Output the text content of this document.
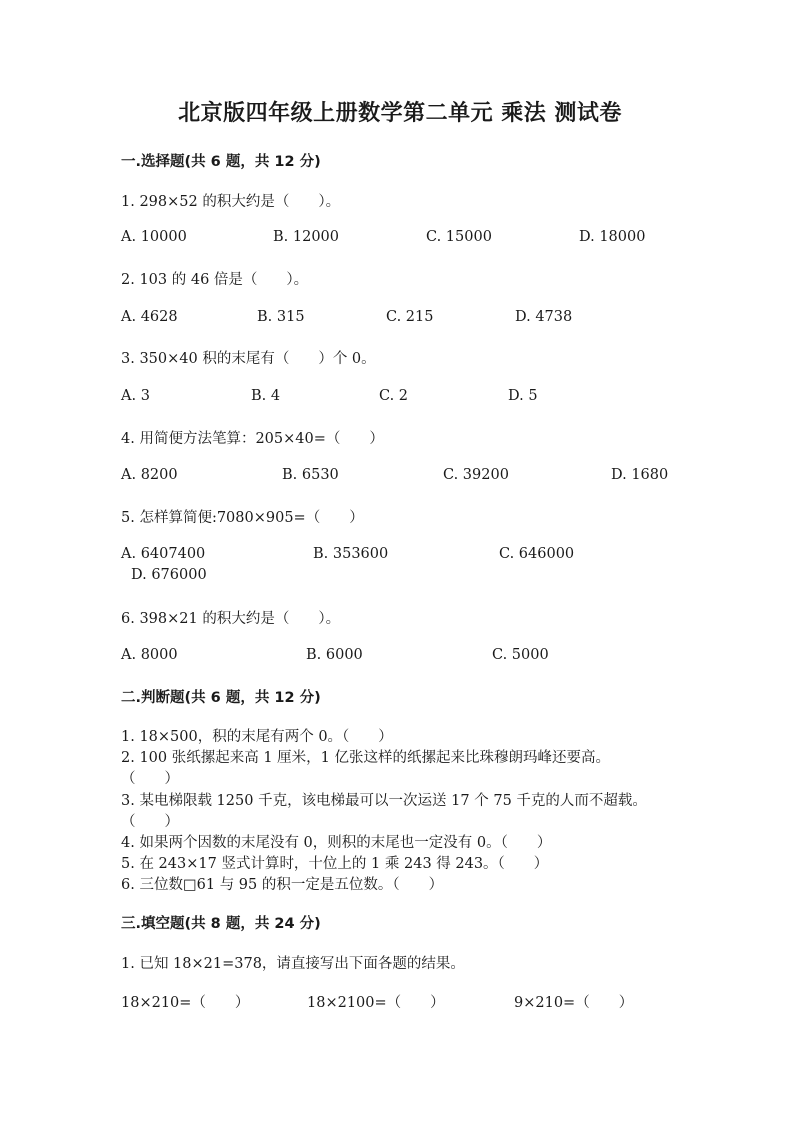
北京版四年级上册数学第二单元 乘法 测试卷
一.选择题(共 6 题，共 12 分)
1. 298×52 的积大约是（　　）。
A. 10000	B. 12000	C. 15000	D. 18000
2. 103 的 46 倍是（　　）。
A. 4628	B. 315	C. 215	D. 4738
3. 350×40 积的末尾有（　　）个 0。
A. 3	B. 4	C. 2	D. 5
4. 用简便方法笔算：205×40=（　　）
A. 8200	B. 6530	C. 39200	D. 1680
5. 怎样算简便:7080×905=（　　）
A. 6407400	B. 353600	C. 646000
D. 676000
6. 398×21 的积大约是（　　）。
A. 8000	B. 6000	C. 5000
二.判断题(共 6 题，共 12 分)
1. 18×500，积的末尾有两个 0。（　　）
2. 100 张纸摞起来高 1 厘米，1 亿张这样的纸摞起来比珠穆朗玛峰还要高。
（　　）
3. 某电梯限载 1250 千克，该电梯最可以一次运送 17 个 75 千克的人而不超载。
（　　）
4. 如果两个因数的末尾没有 0，则积的末尾也一定没有 0。（　　）
5. 在 243×17 竖式计算时，十位上的 1 乘 243 得 243。（　　）
6. 三位数□61 与 95 的积一定是五位数。（　　）
三.填空题(共 8 题，共 24 分)
1. 已知 18×21=378，请直接写出下面各题的结果。
18×210=（　　）	18×2100=（　　）	9×210=（　　）
